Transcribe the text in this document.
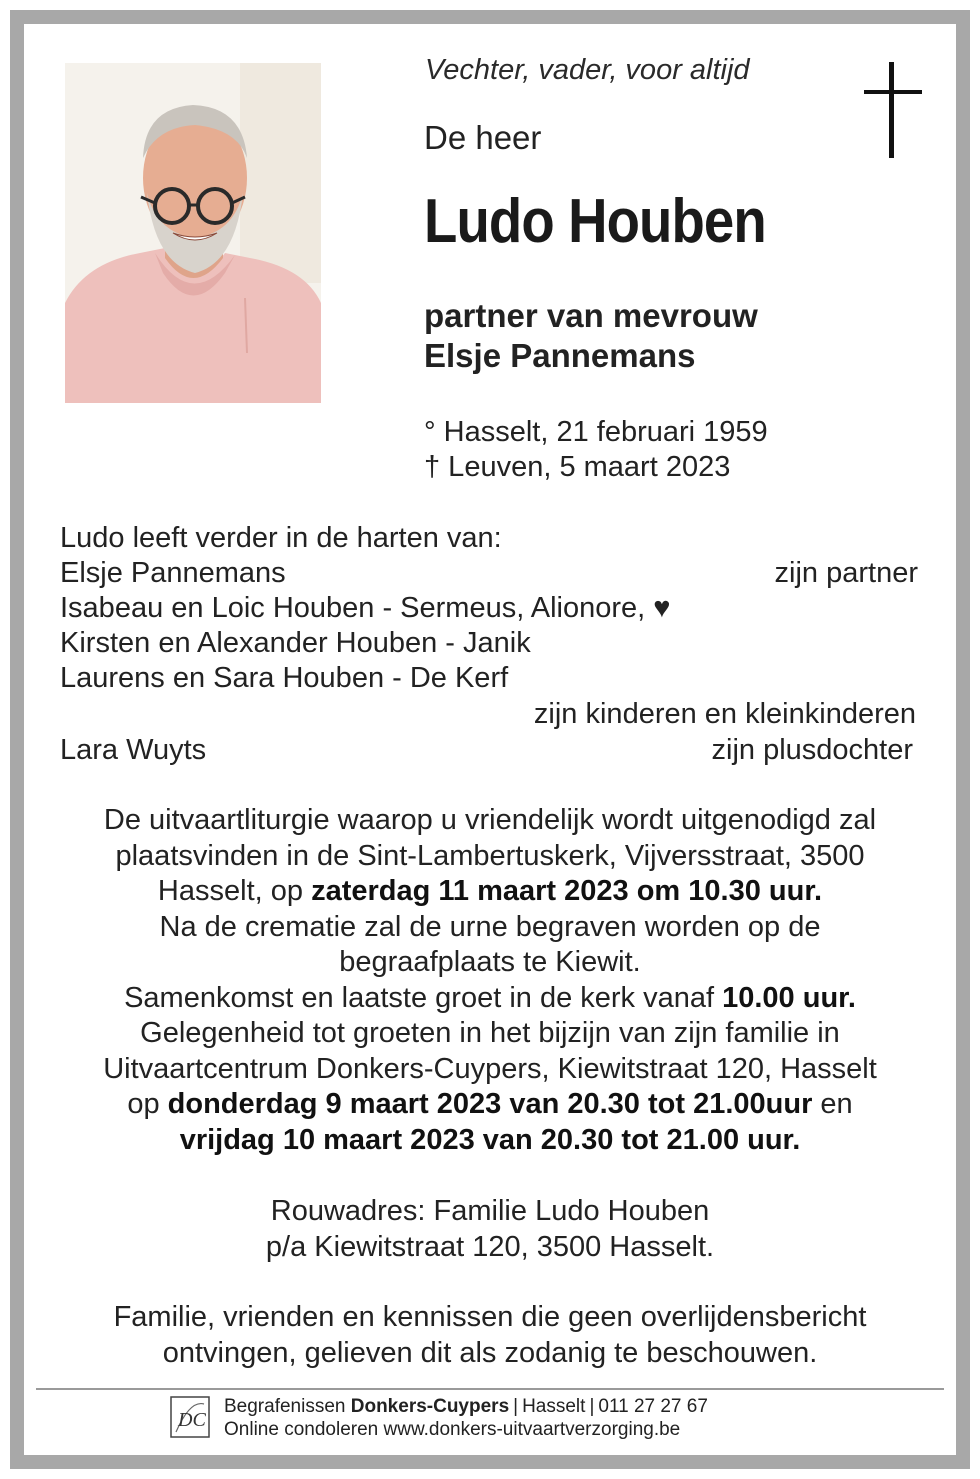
Vechter, vader, voor altijd
De heer
Ludo Houben
partner van mevrouw
Elsje Pannemans
° Hasselt, 21 februari 1959
† Leuven, 5 maart 2023
Ludo leeft verder in de harten van:
Elsje Pannemans	zijn partner
Isabeau en Loic Houben - Sermeus, Alionore, ♥
Kirsten en Alexander Houben - Janik
Laurens en Sara Houben - De Kerf
zijn kinderen en kleinkinderen
Lara Wuyts	zijn plusdochter
De uitvaartliturgie waarop u vriendelijk wordt uitgenodigd zal
plaatsvinden in de Sint-Lambertuskerk, Vijversstraat, 3500
Hasselt, op zaterdag 11 maart 2023 om 10.30 uur.
Na de crematie zal de urne begraven worden op de
begraafplaats te Kiewit.
Samenkomst en laatste groet in de kerk vanaf 10.00 uur.
Gelegenheid tot groeten in het bijzijn van zijn familie in
Uitvaartcentrum Donkers-Cuypers, Kiewitstraat 120, Hasselt
op donderdag 9 maart 2023 van 20.30 tot 21.00uur en
vrijdag 10 maart 2023 van 20.30 tot 21.00 uur.
Rouwadres: Familie Ludo Houben
p/a Kiewitstraat 120, 3500 Hasselt.
Familie, vrienden en kennissen die geen overlijdensbericht
ontvingen, gelieven dit als zodanig te beschouwen.
DC
Begrafenissen Donkers-Cuypers | Hasselt | 011 27 27 67
Online condoleren www.donkers-uitvaartverzorging.be
